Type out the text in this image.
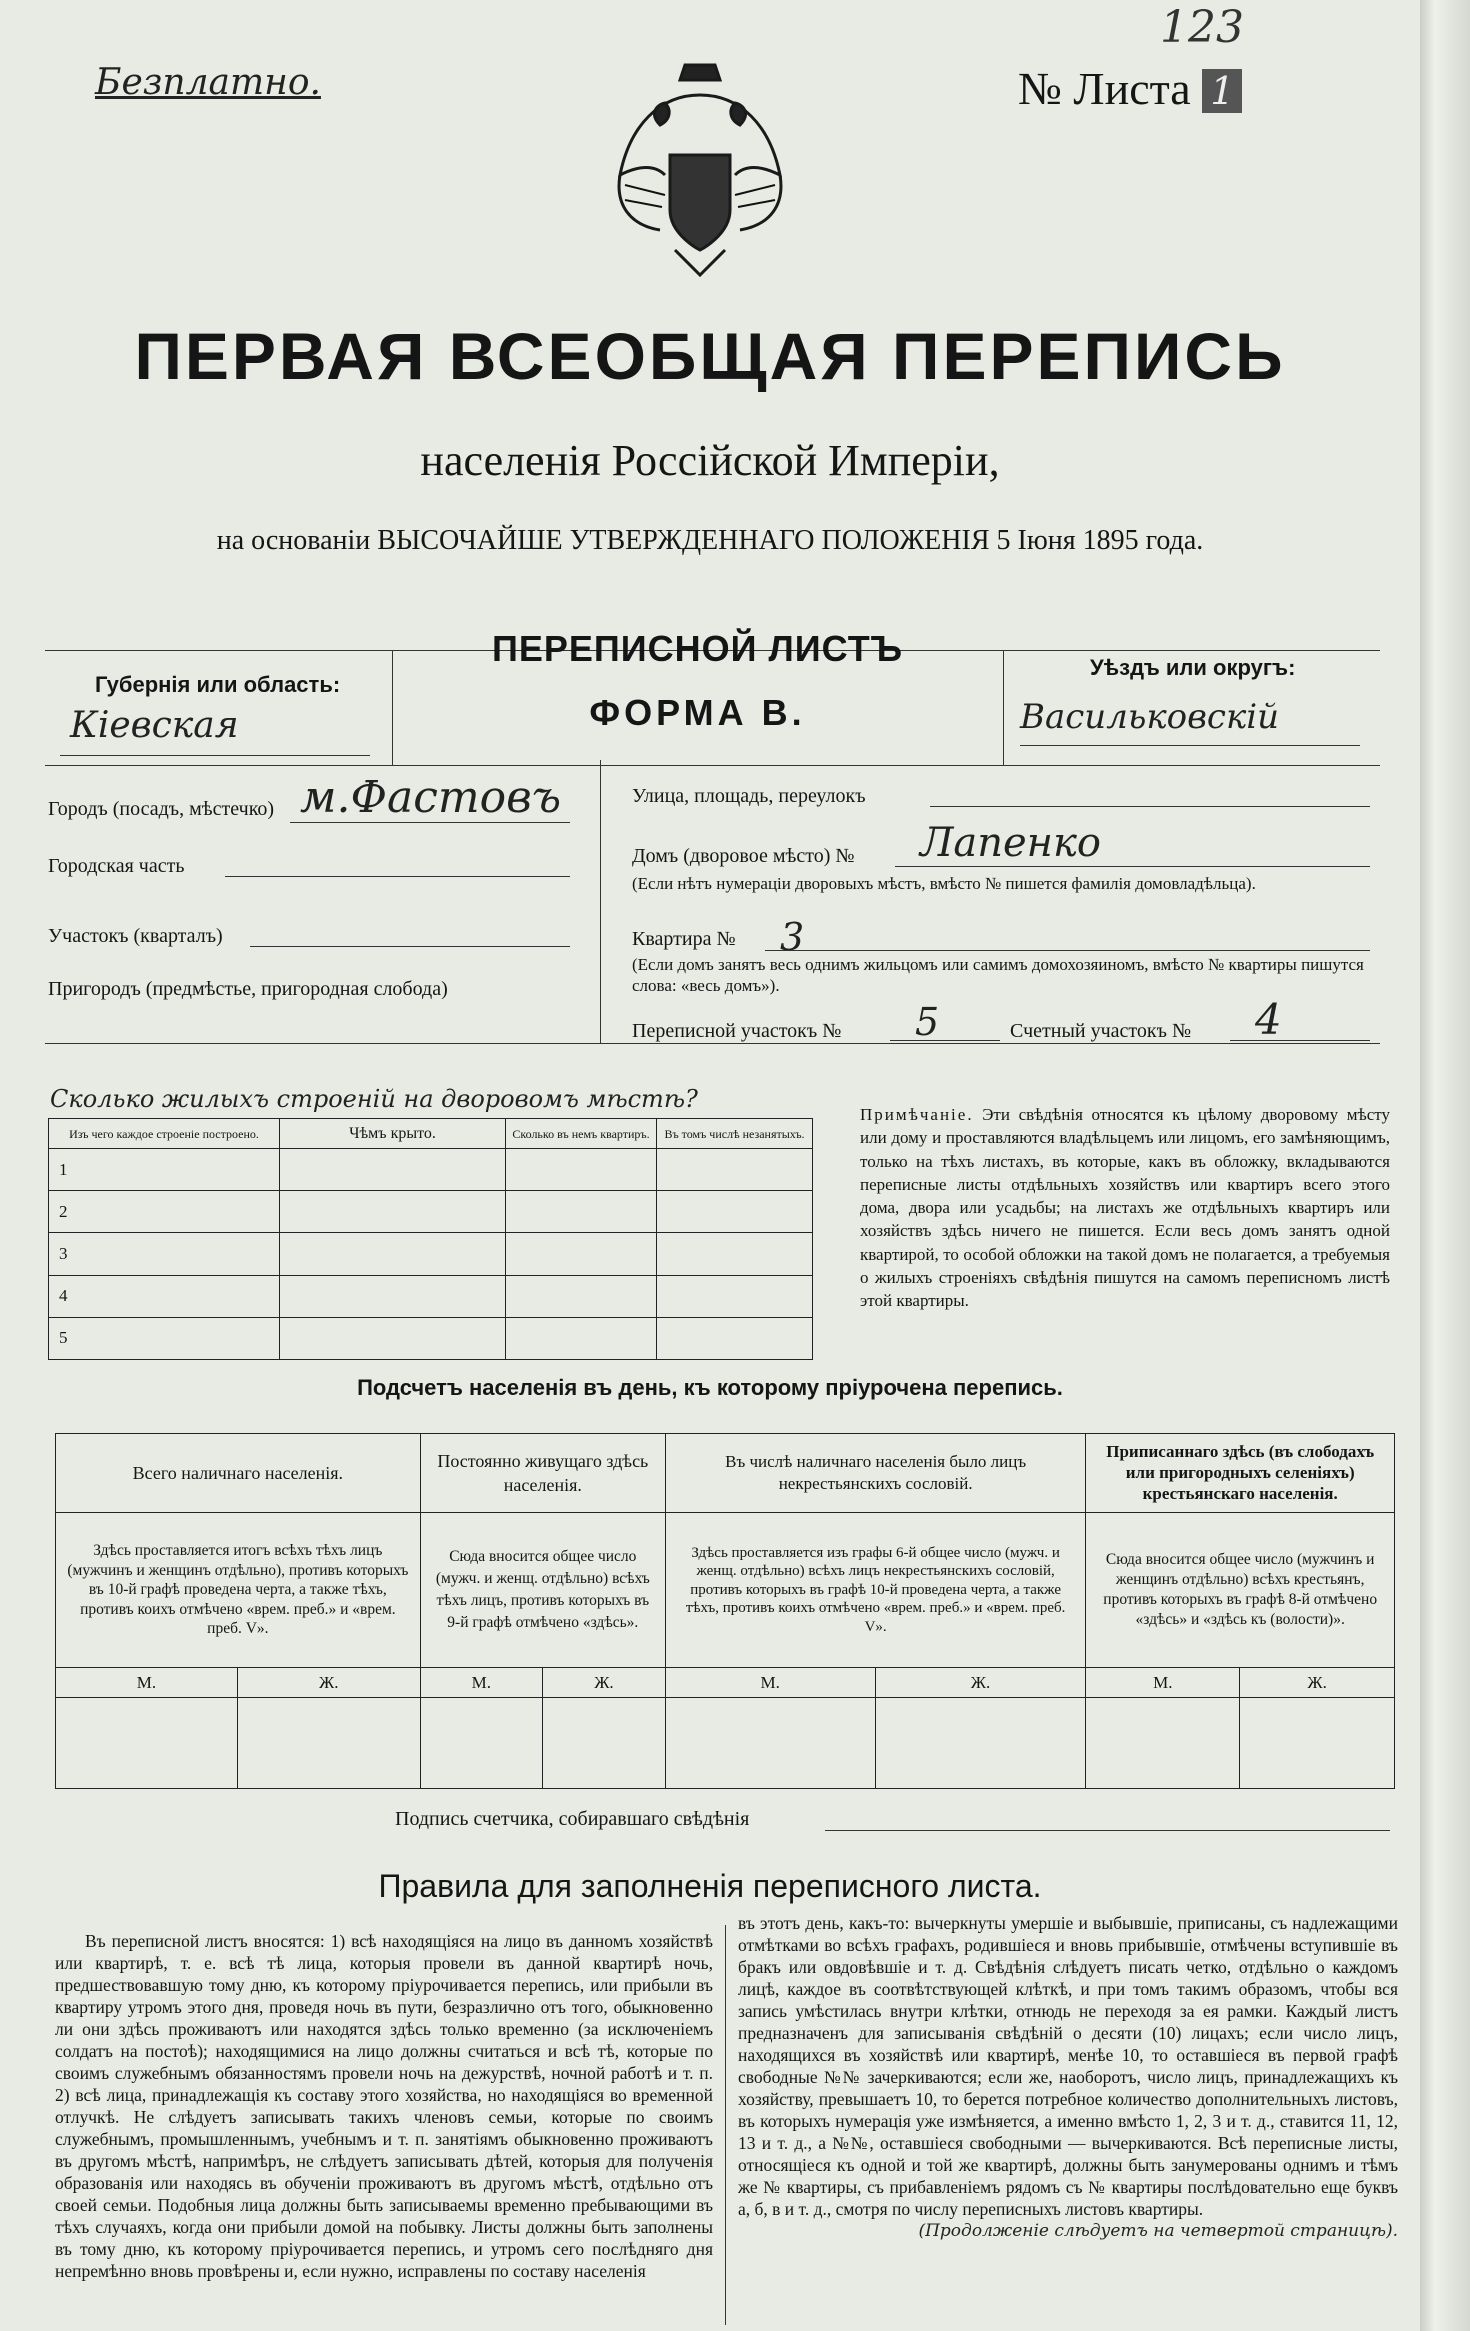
Безплатно.	№ Листа 1
123
ПЕРВАЯ ВСЕОБЩАЯ ПЕРЕПИСЬ
населенія Россійской Имперіи,
на основаніи ВЫСОЧАЙШЕ УТВЕРЖДЕННАГО ПОЛОЖЕНІЯ 5 Іюня 1895 года.
Губернія или область:
Кіевская
ПЕРЕПИСНОЙ ЛИСТЪ
ФОРМА В.
Уѣздъ или округъ:
Васильковскій
Городъ (посадъ, мѣстечко) м.Фастовъ
Городская часть
Участокъ (кварталъ)
Пригородъ (предмѣстье, пригородная слобода)
Улица, площадь, переулокъ
Домъ (дворовое мѣсто) № Лапенко
(Если нѣтъ нумераціи дворовыхъ мѣстъ, вмѣсто № пишется фамилія домовладѣльца).
Квартира № 3
(Если домъ занятъ весь однимъ жильцомъ или самимъ домохозяиномъ, вмѣсто № квартиры пишутся слова: «весь домъ»).
Переписной участокъ № 5	Счетный участокъ № 4
Сколько жилыхъ строеній на дворовомъ мѣстѣ?
Изъ чего каждое строеніе построено.	Чѣмъ крыто.	Сколько въ немъ квартиръ.	Въ томъ числѣ незанятыхъ.

1			
2			
3			
4			
5			
Примѣчаніе. Эти свѣдѣнія относятся къ цѣлому дворовому мѣсту или дому и проставляются владѣльцемъ или лицомъ, его замѣняющимъ, только на тѣхъ листахъ, въ которые, какъ въ обложку, вкладываются переписные листы отдѣльныхъ хозяйствъ или квартиръ всего этого дома, двора или усадьбы; на листахъ же отдѣльныхъ квартиръ или хозяйствъ здѣсь ничего не пишется. Если весь домъ занятъ одной квартирой, то особой обложки на такой домъ не полагается, а требуемыя о жилыхъ строеніяхъ свѣдѣнія пишутся на самомъ переписномъ листѣ этой квартиры.
Подсчетъ населенія въ день, къ которому пріурочена перепись.
Всего наличнаго населенія.		Постоянно живущаго здѣсь населенія.		Въ числѣ наличнаго населенія было лицъ некрестьянскихъ сословій.		Приписаннаго здѣсь (въ слободахъ или пригородныхъ селеніяхъ) крестьянскаго населенія.	

Здѣсь проставляется итогъ всѣхъ тѣхъ лицъ (мужчинъ и женщинъ отдѣльно), противъ которыхъ въ 10-й графѣ проведена черта, а также тѣхъ, противъ коихъ отмѣчено «врем. преб.» и «врем. преб. V».		Сюда вносится общее число (мужч. и женщ. отдѣльно) всѣхъ тѣхъ лицъ, противъ которыхъ въ 9-й графѣ отмѣчено «здѣсь».		Здѣсь проставляется изъ графы 6-й общее число (мужч. и женщ. отдѣльно) всѣхъ лицъ некрестьянскихъ сословій, противъ которыхъ въ графѣ 10-й проведена черта, а также тѣхъ, противъ коихъ отмѣчено «врем. преб.» и «врем. преб. V».		Сюда вносится общее число (мужчинъ и женщинъ отдѣльно) всѣхъ крестьянъ, противъ которыхъ въ графѣ 8-й отмѣчено «здѣсь» и «здѣсь къ (волости)».	

М.	Ж.	М.	Ж.	М.	Ж.	М.	Ж.

Подпись счетчика, собиравшаго свѣдѣнія
Правила для заполненія переписного листа.
Въ переписной листъ вносятся: 1) всѣ находящіяся на лицо въ данномъ хозяйствѣ или квартирѣ, т. е. всѣ тѣ лица, которыя провели въ данной квартирѣ ночь, предшествовавшую тому дню, къ которому пріурочивается перепись, или прибыли въ квартиру утромъ этого дня, проведя ночь въ пути, безразлично отъ того, обыкновенно ли они здѣсь проживаютъ или находятся здѣсь только временно (за исключеніемъ солдатъ на постоѣ); находящимися на лицо должны считаться и всѣ тѣ, которые по своимъ служебнымъ обязанностямъ провели ночь на дежурствѣ, ночной работѣ и т. п. 2) всѣ лица, принадлежащія къ составу этого хозяйства, но находящіяся во временной отлучкѣ. Не слѣдуетъ записывать такихъ членовъ семьи, которые по своимъ служебнымъ, промышленнымъ, учебнымъ и т. п. занятіямъ обыкновенно проживаютъ въ другомъ мѣстѣ, напримѣръ, не слѣдуетъ записывать дѣтей, которыя для полученія образованія или находясь въ обученіи проживаютъ въ другомъ мѣстѣ, отдѣльно отъ своей семьи. Подобныя лица должны быть записываемы временно пребывающими въ тѣхъ случаяхъ, когда они прибыли домой на побывку. Листы должны быть заполнены въ тому дню, къ которому пріурочивается перепись, и утромъ сего послѣдняго дня непремѣнно вновь провѣрены и, если нужно, исправлены по составу населенія
въ этотъ день, какъ-то: вычеркнуты умершіе и выбывшіе, приписаны, съ надлежащими отмѣтками во всѣхъ графахъ, родившіеся и вновь прибывшіе, отмѣчены вступившіе въ бракъ или овдовѣвшіе и т. д. Свѣдѣнія слѣдуетъ писать четко, отдѣльно о каждомъ лицѣ, каждое въ соотвѣтствующей клѣткѣ, и при томъ такимъ образомъ, чтобы вся запись умѣстилась внутри клѣтки, отнюдь не переходя за ея рамки. Каждый листъ предназначенъ для записыванія свѣдѣній о десяти (10) лицахъ; если число лицъ, находящихся въ хозяйствѣ или квартирѣ, менѣе 10, то оставшіеся въ первой графѣ свободные №№ зачеркиваются; если же, наоборотъ, число лицъ, принадлежащихъ къ хозяйству, превышаетъ 10, то берется потребное количество дополнительныхъ листовъ, въ которыхъ нумерація уже измѣняется, а именно вмѣсто 1, 2, 3 и т. д., ставится 11, 12, 13 и т. д., а №№, оставшіеся свободными — вычеркиваются. Всѣ переписные листы, относящіеся къ одной и той же квартирѣ, должны быть занумерованы однимъ и тѣмъ же № квартиры, съ прибавленіемъ рядомъ съ № квартиры послѣдовательно еще буквъ а, б, в и т. д., смотря по числу переписныхъ листовъ квартиры.
(Продолженіе слѣдуетъ на четвертой страницѣ).
